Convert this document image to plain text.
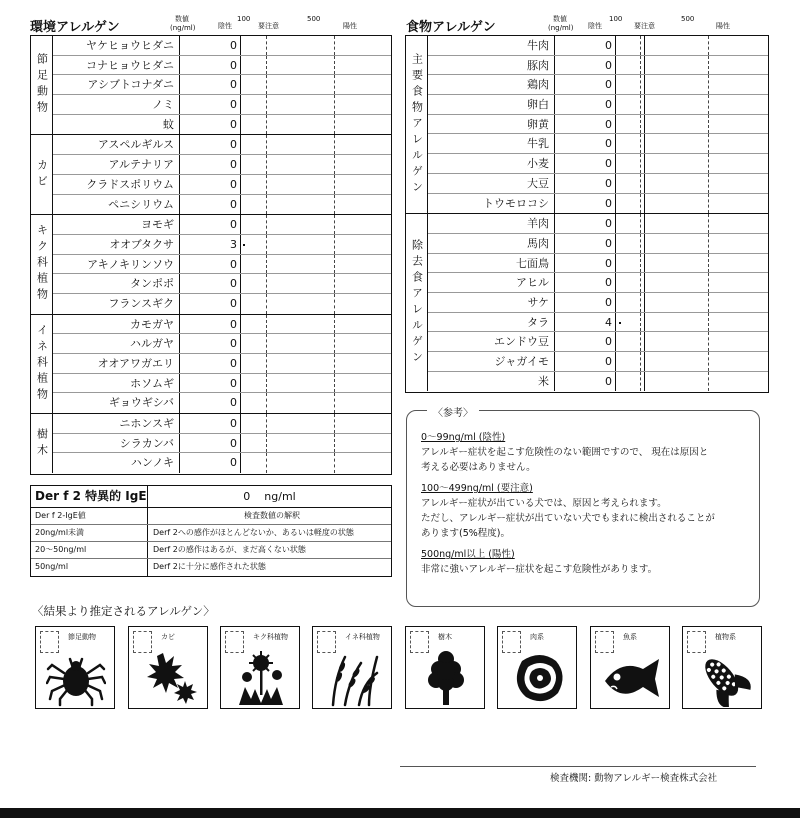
環境アレルゲン
数値
(ng/ml)	陰性
100
要注意
500
陽性
節足動物
ヤケヒョウヒダニ	0
コナヒョウヒダニ	0
アシブトコナダニ	0
ノミ	0
蚊	0
カビ
アスペルギルス	0
アルテナリア	0
クラドスポリウム	0
ペニシリウム	0
キク科植物	ヨモギ	0
オオブタクサ	3
アキノキリンソウ	0
タンポポ	0
フランスギク	0
イネ科植物	カモガヤ	0
ハルガヤ	0
オオアワガエリ	0
ホソムギ	0
ギョウギシバ	0
樹木
ニホンスギ	0
シラカンバ	0
ハンノキ	0
食物アレルゲン
数値
(ng/ml) 陰性
100
要注意
500
陽性
主要食物アレルゲン
牛肉	0
豚肉	0
鶏肉	0
卵白	0
卵黄	0
牛乳	0
小麦	0
大豆	0
トウモロコシ	0
除去食アレルゲン
羊肉	0
馬肉	0
七面鳥	0
アヒル	0
サケ	0
タラ	4
エンドウ豆	0
ジャガイモ	0
米	0
Der f 2 特異的 IgE	0 ng/ml
Der f 2-IgE値	検査数値の解釈
20ng/ml未満	Derf 2への感作がほとんどないか、あるいは軽度の状態
20〜50ng/ml	Derf 2の感作はあるが、まだ高くない状態
50ng/ml	Derf 2に十分に感作された状態
〈参考〉
0〜99ng/ml (陰性)
アレルギー症状を起こす危険性のない範囲ですので、 現在は原因と
考える必要はありません。
100〜499ng/ml (要注意)
アレルギー症状が出ている犬では、原因と考えられます。
ただし、アレルギー症状が出ていない犬でもまれに検出されることが
あります(5%程度)。
500ng/ml以上 (陽性)
非常に強いアレルギー症状を起こす危険性があります。
〈結果より推定されるアレルゲン〉
節足動物	カビ	キク科植物	イネ科植物	樹木	肉系	魚系	植物系
検査機関: 動物アレルギー検査株式会社
